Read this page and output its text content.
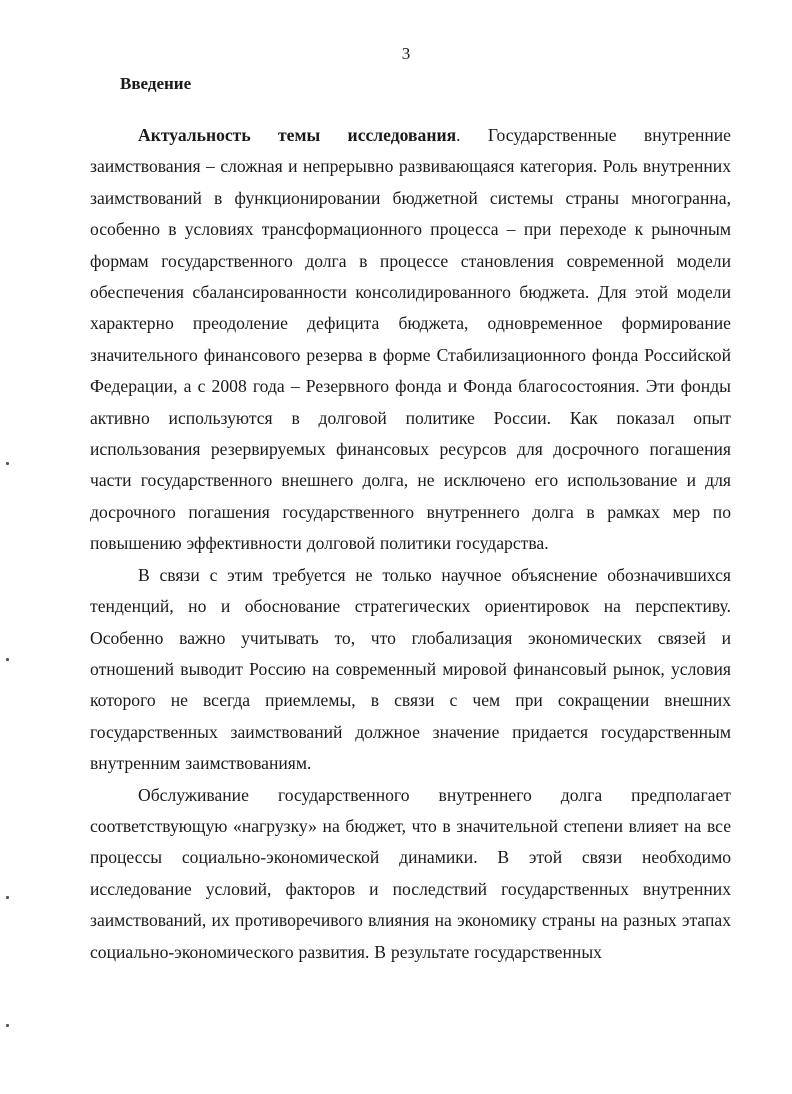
3
Введение

Актуальность темы исследования. Государственные внутренние заимствования – сложная и непрерывно развивающаяся категория. Роль внутренних заимствований в функционировании бюджетной системы страны многогранна, особенно в условиях трансформационного процесса – при переходе к рыночным формам государственного долга в процессе становления современной модели обеспечения сбалансированности консолидированного бюджета. Для этой модели характерно преодоление дефицита бюджета, одновременное формирование значительного финансового резерва в форме Стабилизационного фонда Российской Федерации, а с 2008 года – Резервного фонда и Фонда благосостояния. Эти фонды активно используются в долговой политике России. Как показал опыт использования резервируемых финансовых ресурсов для досрочного погашения части государственного внешнего долга, не исключено его использование и для досрочного погашения государственного внутреннего долга в рамках мер по повышению эффективности долговой политики государства.

В связи с этим требуется не только научное объяснение обозначившихся тенденций, но и обоснование стратегических ориентировок на перспективу. Особенно важно учитывать то, что глобализация экономических связей и отношений выводит Россию на современный мировой финансовый рынок, условия которого не всегда приемлемы, в связи с чем при сокращении внешних государственных заимствований должное значение придается государственным внутренним заимствованиям.

Обслуживание государственного внутреннего долга предполагает соответствующую «нагрузку» на бюджет, что в значительной степени влияет на все процессы социально-экономической динамики. В этой связи необходимо исследование условий, факторов и последствий государственных внутренних заимствований, их противоречивого влияния на экономику страны на разных этапах социально-экономического развития. В результате государственных
